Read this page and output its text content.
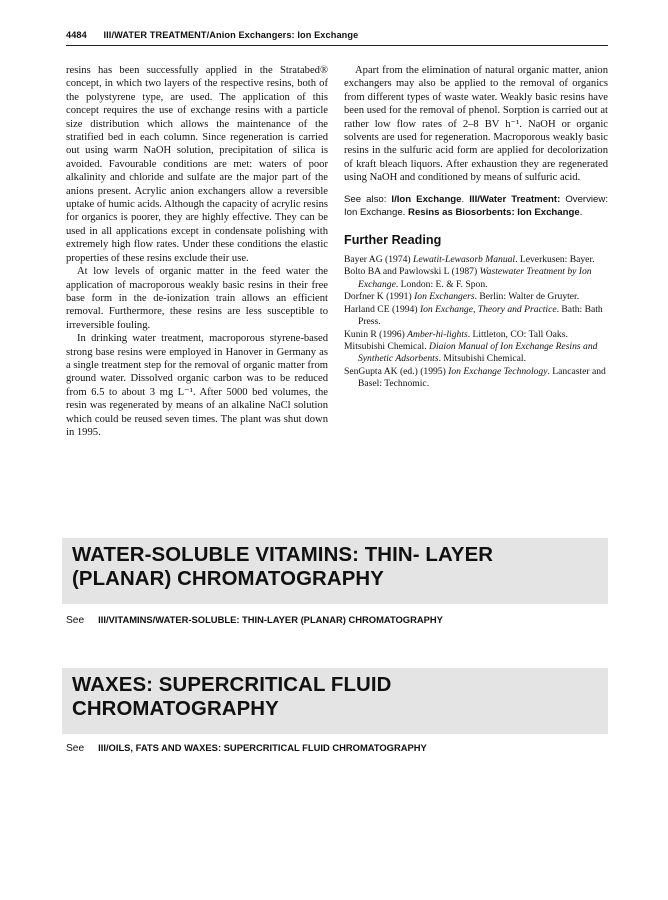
4484 III/WATER TREATMENT/Anion Exchangers: Ion Exchange

resins has been successfully applied in the Stratabed® concept, in which two layers of the respective resins, both of the polystyrene type, are used. The application of this concept requires the use of exchange resins with a particle size distribution which allows the maintenance of the stratified bed in each column. Since regeneration is carried out using warm NaOH solution, precipitation of silica is avoided. Favourable conditions are met: waters of poor alkalinity and chloride and sulfate are the major part of the anions present. Acrylic anion exchangers allow a reversible uptake of humic acids. Although the capacity of acrylic resins for organics is poorer, they are highly effective. They can be used in all applications except in condensate polishing with extremely high flow rates. Under these conditions the elastic properties of these resins exclude their use.

At low levels of organic matter in the feed water the application of macroporous weakly basic resins in their free base form in the de-ionization train allows an efficient removal. Furthermore, these resins are less susceptible to irreversible fouling.

In drinking water treatment, macroporous styrene-based strong base resins were employed in Hanover in Germany as a single treatment step for the removal of organic matter from ground water. Dissolved organic carbon was to be reduced from 6.5 to about 3 mg L⁻¹. After 5000 bed volumes, the resin was regenerated by means of an alkaline NaCl solution which could be reused seven times. The plant was shut down in 1995.

Apart from the elimination of natural organic matter, anion exchangers may also be applied to the removal of organics from different types of waste water. Weakly basic resins have been used for the removal of phenol. Sorption is carried out at rather low flow rates of 2–8 BV h⁻¹. NaOH or organic solvents are used for regeneration. Macroporous weakly basic resins in the sulfuric acid form are applied for decolorization of kraft bleach liquors. After exhaustion they are regenerated using NaOH and conditioned by means of sulfuric acid.

See also: I/Ion Exchange. III/Water Treatment: Overview: Ion Exchange. Resins as Biosorbents: Ion Exchange.
Further Reading

Bayer AG (1974) Lewatit-Lewasorb Manual. Leverkusen: Bayer.

Bolto BA and Pawlowski L (1987) Wastewater Treatment by Ion Exchange. London: E. & F. Spon.

Dorfner K (1991) Ion Exchangers. Berlin: Walter de Gruyter.

Harland CE (1994) Ion Exchange, Theory and Practice. Bath: Bath Press.

Kunin R (1996) Amber-hi-lights. Littleton, CO: Tall Oaks.

Mitsubishi Chemical. Diaion Manual of Ion Exchange Resins and Synthetic Adsorbents. Mitsubishi Chemical.

SenGupta AK (ed.) (1995) Ion Exchange Technology. Lancaster and Basel: Technomic.

WATER-SOLUBLE VITAMINS: THIN- LAYER
(PLANAR) CHROMATOGRAPHY
See III/VITAMINS/WATER-SOLUBLE: THIN-LAYER (PLANAR) CHROMATOGRAPHY
WAXES: SUPERCRITICAL FLUID
CHROMATOGRAPHY
See III/OILS, FATS AND WAXES: SUPERCRITICAL FLUID CHROMATOGRAPHY
